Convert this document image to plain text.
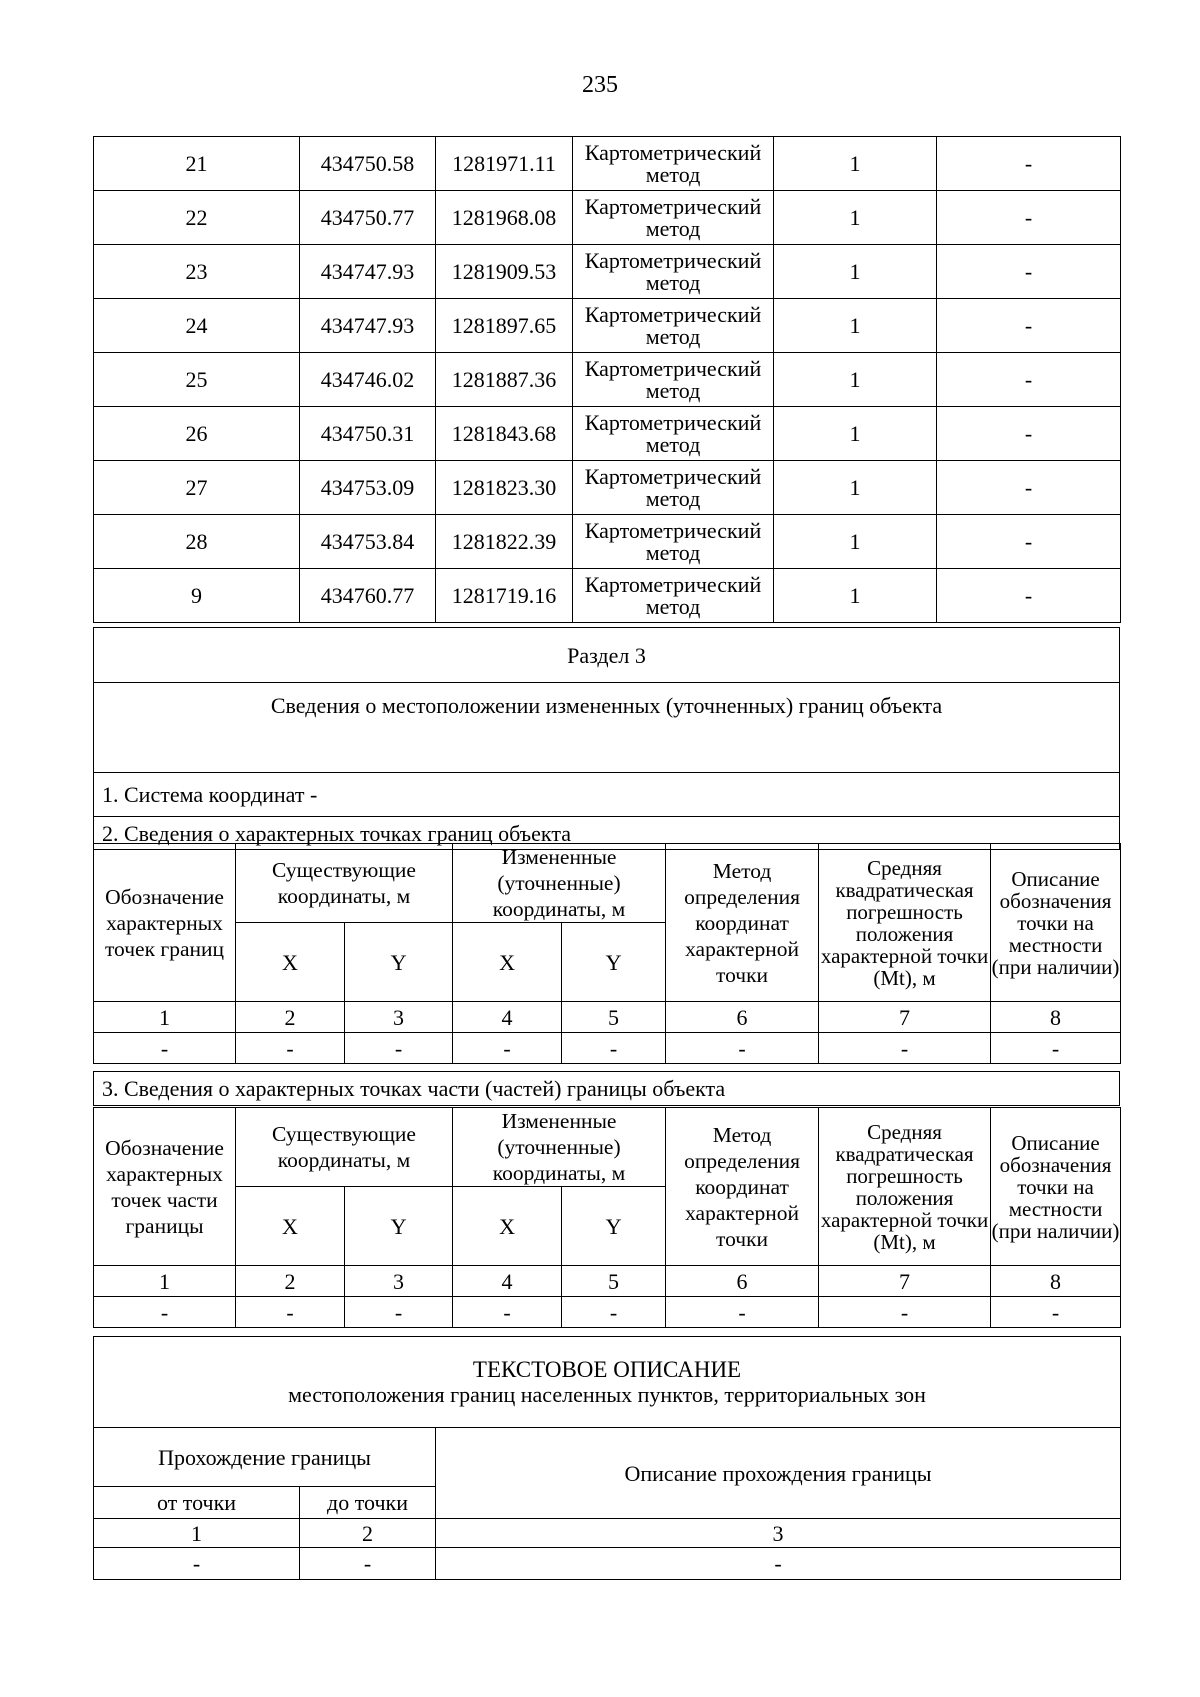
235
21	434750.58	1281971.11	Картометрический метод	1	-
22	434750.77	1281968.08	Картометрический метод	1	-
23	434747.93	1281909.53	Картометрический метод	1	-
24	434747.93	1281897.65	Картометрический метод	1	-
25	434746.02	1281887.36	Картометрический метод	1	-
26	434750.31	1281843.68	Картометрический метод	1	-
27	434753.09	1281823.30	Картометрический метод	1	-
28	434753.84	1281822.39	Картометрический метод	1	-
9	434760.77	1281719.16	Картометрический метод	1	-
Раздел 3
Сведения о местоположении измененных (уточненных) границ объекта
1. Система координат -
2. Сведения о характерных точках границ объекта
Обозначение характерных точек границ	Существующие координаты, м		Измененные (уточненные) координаты, м		Метод определения координат характерной точки	Средняя квадратическая погрешность положения характерной точки (Mt), м	Описание обозначения точки на местности (при наличии)
	X	Y	X	Y			
1	2	3	4	5	6	7	8
-	-	-	-	-	-	-	-
3. Сведения о характерных точках части (частей) границы объекта
Обозначение характерных точек части границы	Существующие координаты, м		Измененные (уточненные) координаты, м		Метод определения координат характерной точки	Средняя квадратическая погрешность положения характерной точки (Mt), м	Описание обозначения точки на местности (при наличии)
	X	Y	X	Y			
1	2	3	4	5	6	7	8
-	-	-	-	-	-	-	-
ТЕКСТОВОЕ ОПИСАНИЕ
местоположения границ населенных пунктов, территориальных зон		

Прохождение границы		Описание прохождения границы
от точки	до точки	
1	2	3
-	-	-
